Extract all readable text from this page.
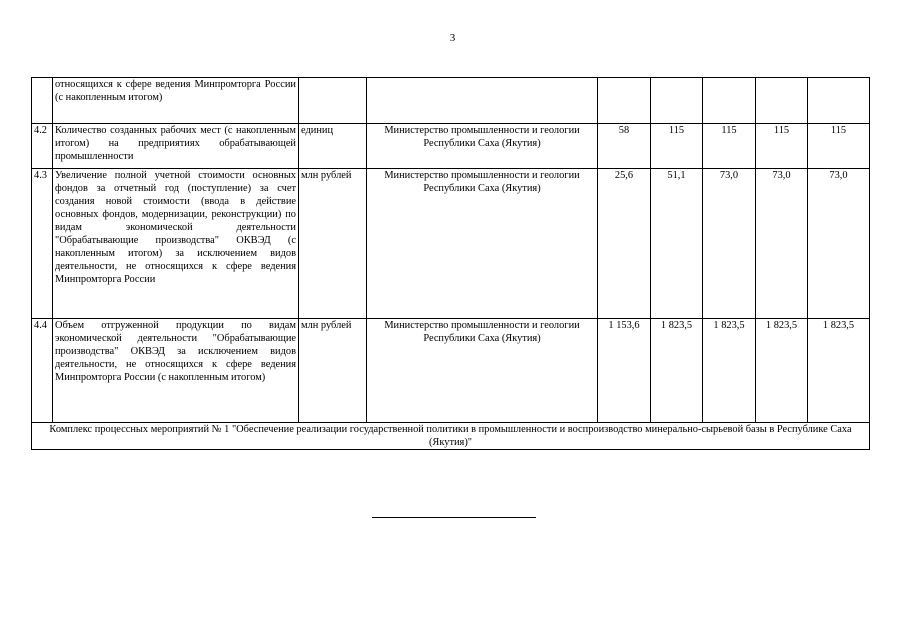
3
	относящихся к сфере ведения Минпромторга России (с накопленным итогом)							
4.2	Количество созданных рабочих мест (с накопленным итогом) на предприятиях обрабатывающей промышленности	единиц	Министерство промышленности и геологии Республики Саха (Якутия)	58	115	115	115	115
4.3	Увеличение полной учетной стоимости основных фондов за отчетный год (поступление) за счет создания новой стоимости (ввода в действие основных фондов, модернизации, реконструкции) по видам экономической деятельности "Обрабатывающие производства" ОКВЭД (с накопленным итогом) за исключением видов деятельности, не относящихся к сфере ведения Минпромторга России	млн рублей	Министерство промышленности и геологии Республики Саха (Якутия)	25,6	51,1	73,0	73,0	73,0
4.4	Объем отгруженной продукции по видам экономической деятельности "Обрабатывающие производства" ОКВЭД за исключением видов деятельности, не относящихся к сфере ведения Минпромторга России (с накопленным итогом)	млн рублей	Министерство промышленности и геологии Республики Саха (Якутия)	1 153,6	1 823,5	1 823,5	1 823,5	1 823,5
Комплекс процессных мероприятий № 1 "Обеспечение реализации государственной политики в промышленности и воспроизводство минерально-сырьевой базы в Республике Саха (Якутия)"								
